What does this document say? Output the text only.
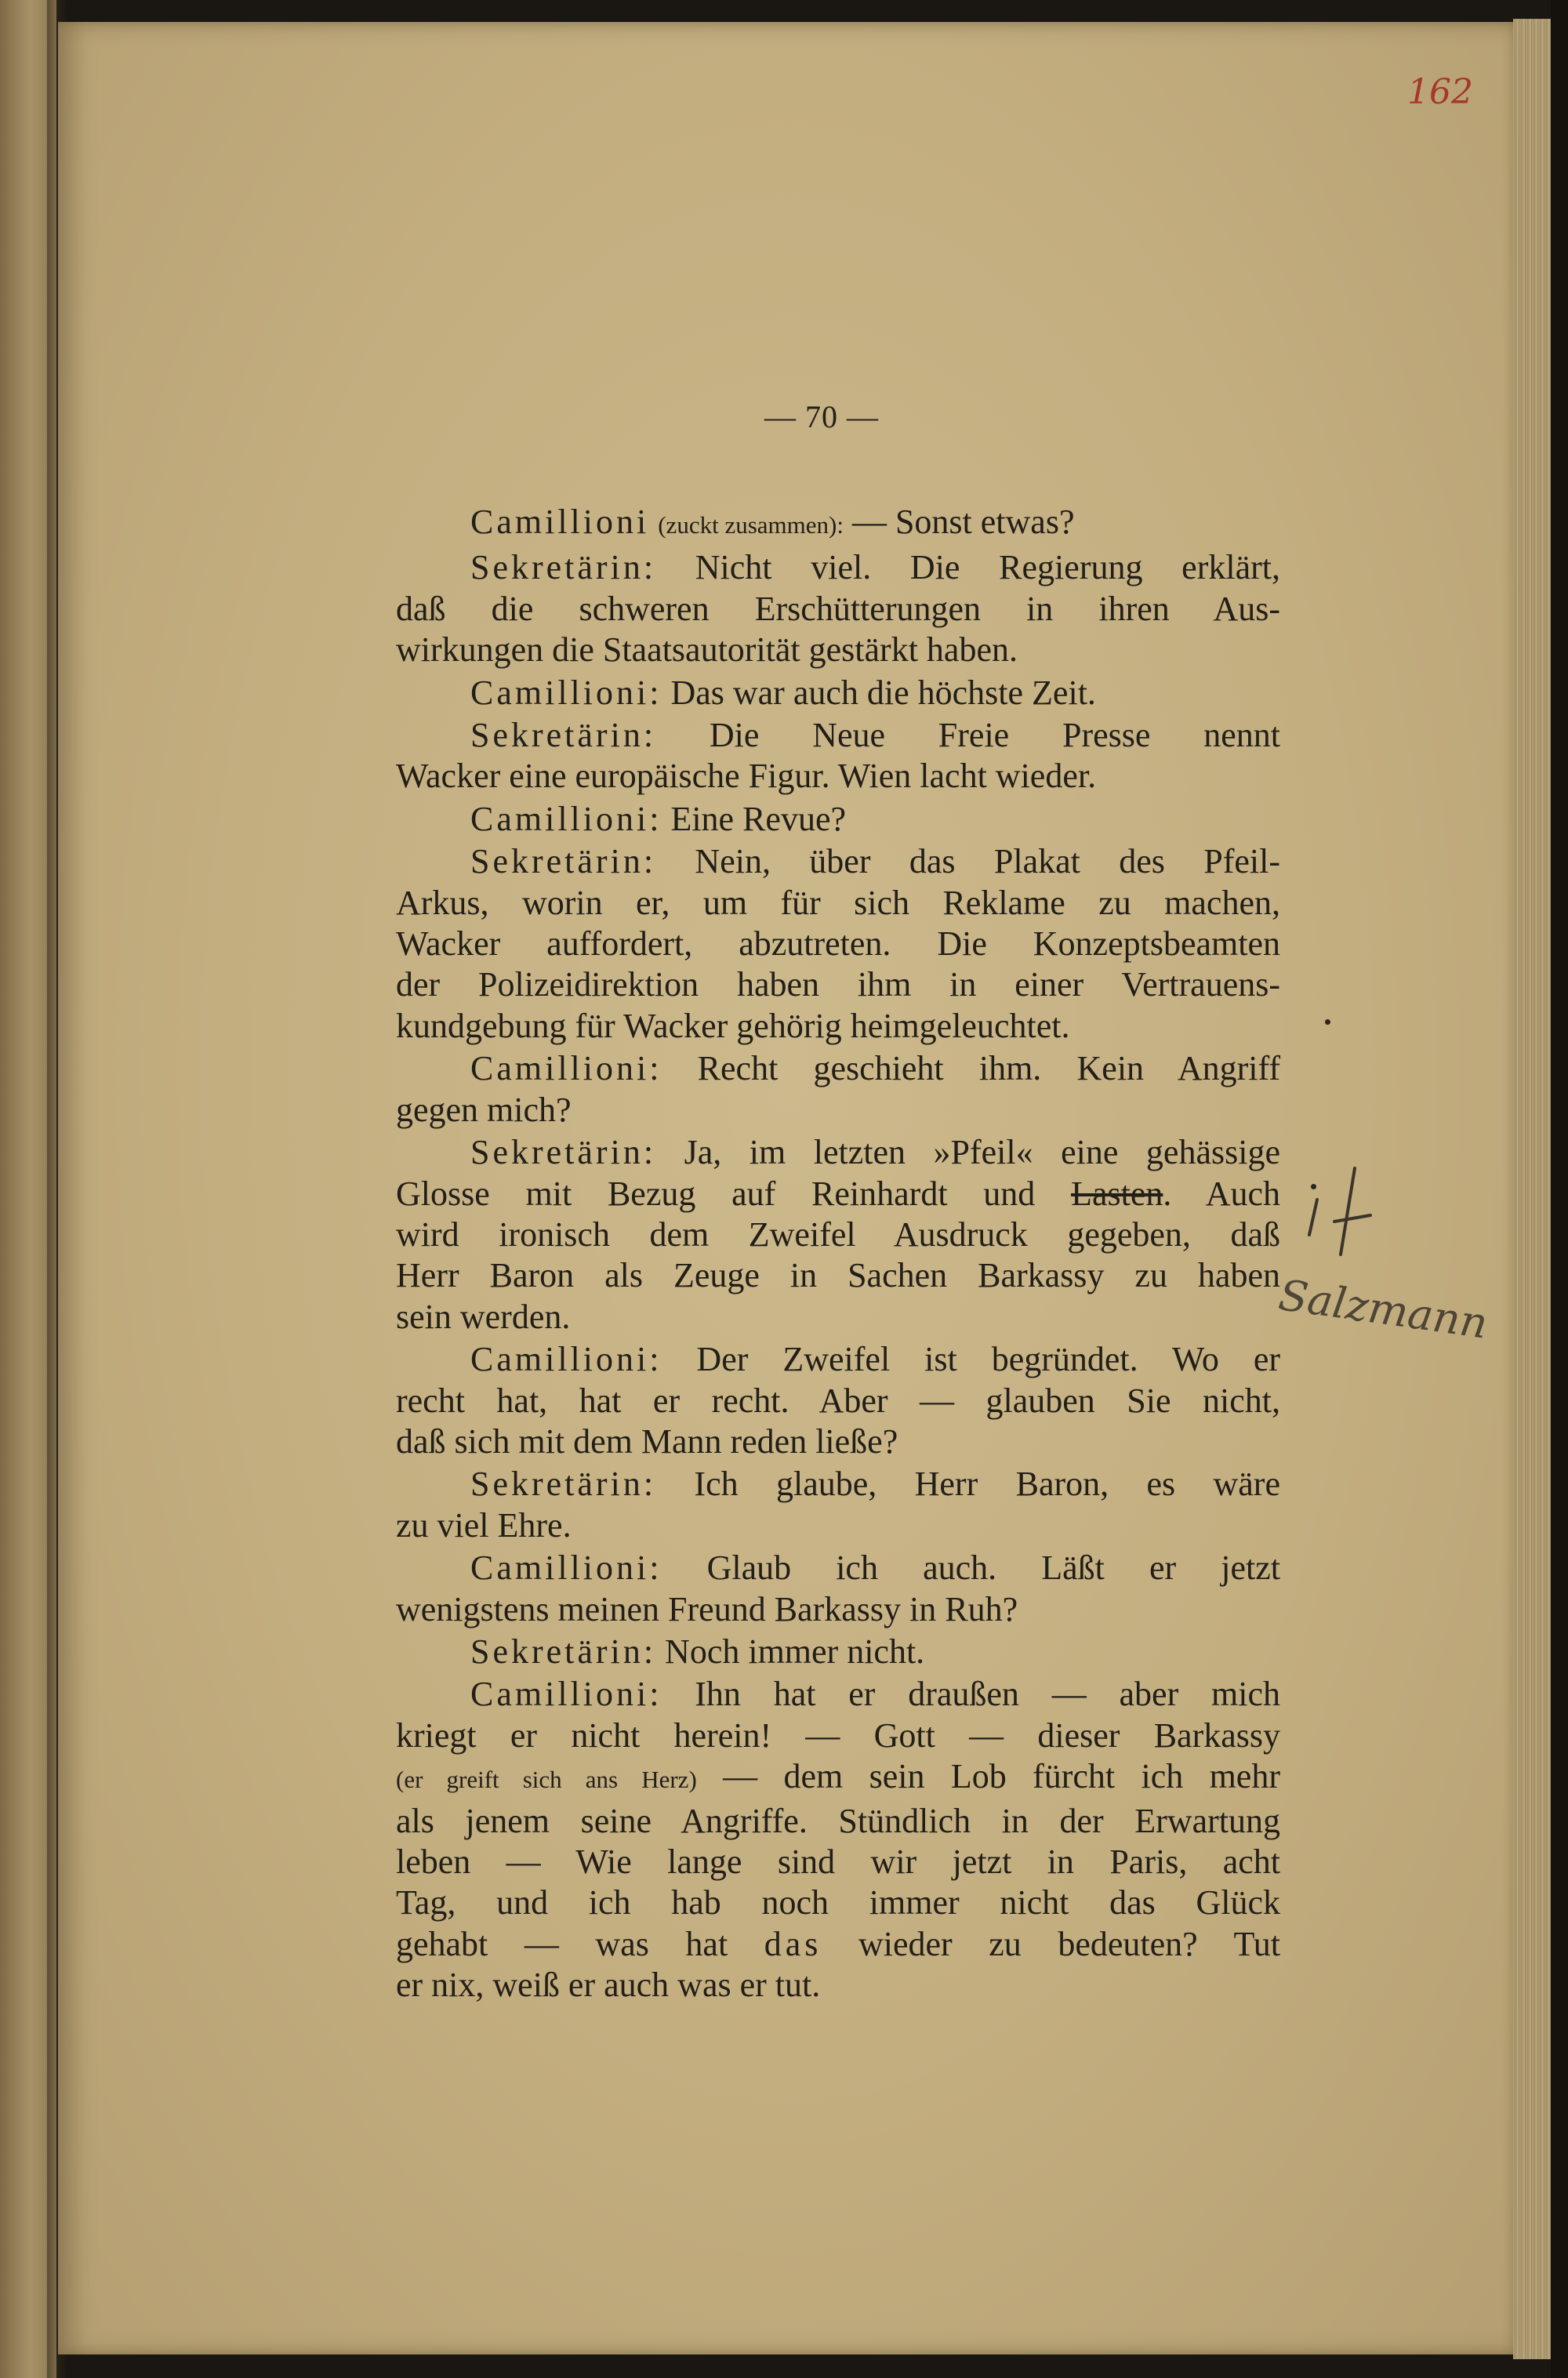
162
— 70 —
Camillioni (zuckt zusammen): — Sonst etwas?
Sekretärin: Nicht viel. Die Regierung erklärt,
daß die schweren Erschütterungen in ihren Aus-
wirkungen die Staatsautorität gestärkt haben.
Camillioni: Das war auch die höchste Zeit.
Sekretärin: Die Neue Freie Presse nennt
Wacker eine europäische Figur. Wien lacht wieder.
Camillioni: Eine Revue?
Sekretärin: Nein, über das Plakat des Pfeil-
Arkus, worin er, um für sich Reklame zu machen,
Wacker auffordert, abzutreten. Die Konzeptsbeamten
der Polizeidirektion haben ihm in einer Vertrauens-
kundgebung für Wacker gehörig heimgeleuchtet.
Camillioni: Recht geschieht ihm. Kein Angriff
gegen mich?
Sekretärin: Ja, im letzten »Pfeil« eine gehässige
Glosse mit Bezug auf Reinhardt und Lasten. Auch
wird ironisch dem Zweifel Ausdruck gegeben, daß
Herr Baron als Zeuge in Sachen Barkassy zu haben
sein werden.
Camillioni: Der Zweifel ist begründet. Wo er
recht hat, hat er recht. Aber — glauben Sie nicht,
daß sich mit dem Mann reden ließe?
Sekretärin: Ich glaube, Herr Baron, es wäre
zu viel Ehre.
Camillioni: Glaub ich auch. Läßt er jetzt
wenigstens meinen Freund Barkassy in Ruh?
Sekretärin: Noch immer nicht.
Camillioni: Ihn hat er draußen — aber mich
kriegt er nicht herein! — Gott — dieser Barkassy
(er greift sich ans Herz) — dem sein Lob fürcht ich mehr
als jenem seine Angriffe. Stündlich in der Erwartung
leben — Wie lange sind wir jetzt in Paris, acht
Tag, und ich hab noch immer nicht das Glück
gehabt — was hat das wieder zu bedeuten? Tut
er nix, weiß er auch was er tut.
Salzmann
